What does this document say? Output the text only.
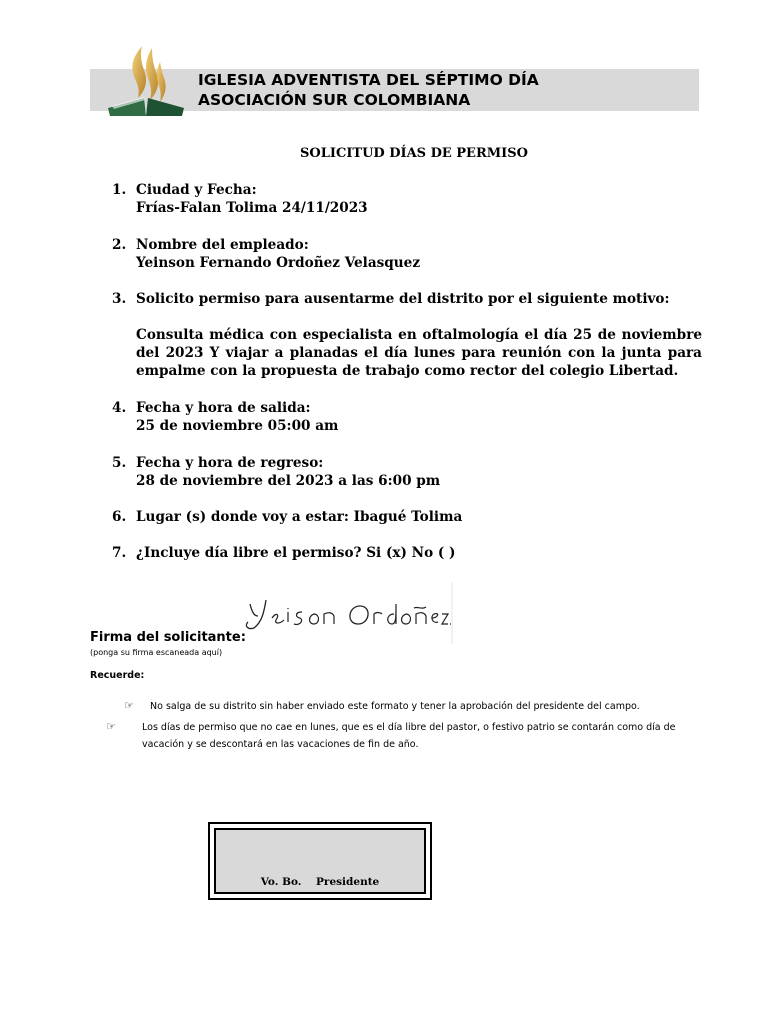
IGLESIA ADVENTISTA DEL SÉPTIMO DÍA
ASOCIACIÓN SUR COLOMBIANA
SOLICITUD DÍAS DE PERMISO
1. Ciudad y Fecha:

Frías-Falan Tolima 24/11/2023

2. Nombre del empleado:

Yeinson Fernando Ordoñez Velasquez

3. Solicito permiso para ausentarme del distrito por el siguiente motivo:

Consulta médica con especialista en oftalmología el día 25 de noviembre del 2023 Y viajar a planadas el día lunes para reunión con la junta para empalme con la propuesta de trabajo como rector del colegio Libertad.

4. Fecha y hora de salida:

25 de noviembre 05:00 am

5. Fecha y hora de regreso:

28 de noviembre del 2023 a las 6:00 pm

6. Lugar (s) donde voy a estar: Ibagué Tolima

7. ¿Incluye día libre el permiso? Si (x) No ( )

Firma del solicitante:
(ponga su firma escaneada aquí)
Recuerde:
☞ No salga de su distrito sin haber enviado este formato y tener la aprobación del presidente del campo.
☞	Los días de permiso que no cae en lunes, que es el día libre del pastor, o festivo patrio se contarán como día de vacación y se descontará en las vacaciones de fin de año.
Vo. Bo.    Presidente
